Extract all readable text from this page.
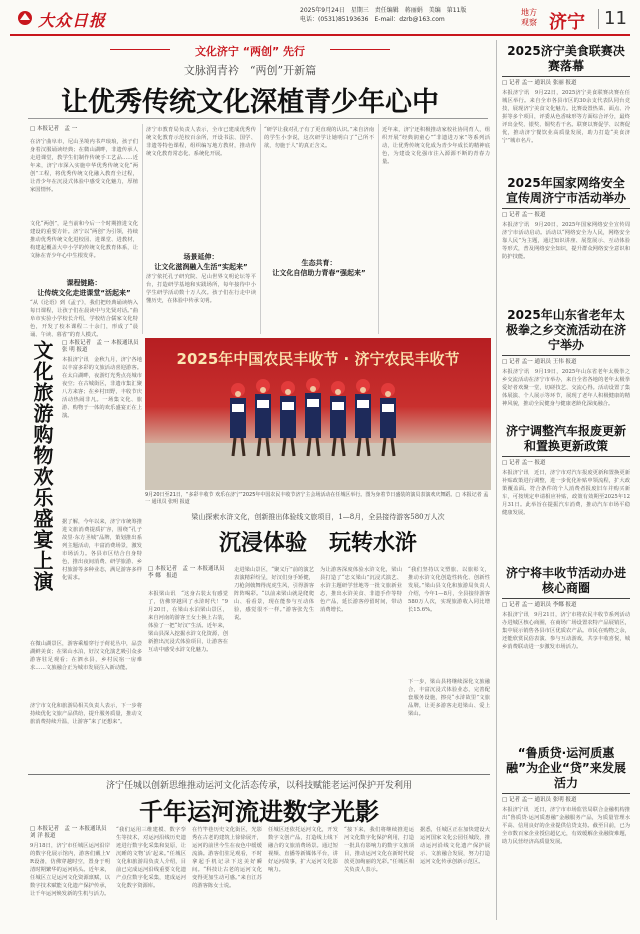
大众日报
2025年9月24日　星期三　责任编辑　蒋丽娟　美编　第11版
电话：(0531)85193636　E-mail：dzrb@163.com
地方
观察 济宁 11
文化济宁 “两创” 先行
文脉润青衿　“两创”开新篇
让优秀传统文化深植青少年心中
□ 本报记者　孟 一
在济宁曲阜市，尼山圣境内书声琅琅，孩子们身着汉服诵读经典；在微山湖畔，非遗传承人走进课堂，教学生们制作传统手工艺品……近年来，济宁市深入实施中华优秀传统文化“两创”工程，将优秀传统文化融入教育全过程，让青少年在沉浸式体验中感受文化魅力，厚植家国情怀。
文化“两创”，是当前和今后一个时期推进文化建设的重要方针。济宁以“两创”为引领，持续推动优秀传统文化进校园、进课堂、进教材，构建起覆盖大中小学的传统文化教育体系，让文脉在青少年心中生根发芽。
课程链路：
让传统文化走进课堂“活起来”
“从《论语》到《孟子》，我们把经典诵读纳入每日课程，让孩子们在晨读中与先贤对话。”曲阜市实验小学校长介绍，学校结合儒家文化特色，开发了校本课程二十余门，形成了“晨诵、午读、暮省”的育人模式。
济宁市教育局负责人表示，全市已建成优秀传统文化教育示范校百余所，开设书法、国学、非遗等特色课程，组织编写地方教材，推动传统文化教育常态化、系统化开展。
场景延伸：
让文化滋润融入生活“实起来”
济宁依托孔子研究院、尼山世界文明论坛等平台，打造研学基地和实践场所，每年接待中小学生研学活动数十万人次。孩子们在行走中读懂历史，在体验中传承文明。
“研学让我对孔子有了更直观的认识。”来自济南的学生小李说，这次研学让她明白了“己所不欲，勿施于人”的真正含义。
近年来，济宁还积极推动家校社协同育人，组织开展“经典润童心”“非遗进万家”等系列活动，让优秀传统文化成为青少年成长的精神底色，为建设文化强市注入源源不断的青春力量。
生态共育：
让文化自信助力青春“强起来”
文化旅游购物欢乐盛宴上演	□ 本报记者　孟 一 本报通讯员　张 明 报道
本报济宁讯　金秋九月，济宁各地以丰富多彩的文旅活动喜迎游客。在太白湖畔，夜游灯光秀点亮城市夜空；在古城街区，非遗市集汇聚八方来客；在乡村田野，丰收节庆活动热闹非凡。一场集文化、旅游、购物于一体的欢乐盛宴正在上演。
据了解，今年以来，济宁市统筹推进文旅消费提质扩容，围绕“孔子故里·东方圣城”品牌，策划推出系列主题活动，丰富消费场景，激发市场活力。各县市区结合自身特色，推出夜间消费、研学旅游、乡村旅游等多种业态，满足游客多样化需求。
在微山湖景区，游客乘船穿行于荷花丛中，品尝湖鲜美食；在梁山水泊，好汉文化演艺吸引众多游客驻足观看；在泗水县，乡村民宿一房难求……文旅融合正为城市发展注入新动能。
济宁市文化和旅游局相关负责人表示，下一步将持续优化文旅产品供给，提升服务质量，推动文旅消费持续升温，让游客“来了还想来”。
2025年中国农民丰收节 · 济宁农民丰收节
9月20日至21日，“多彩丰收节 欢乐在济宁”2025年中国农民丰收节济宁主会场活动在任城区举行。图为身着节日盛装的演员表演欢庆舞蹈。□ 本报记者 孟一 通讯员 张明 报道
梁山探索水浒文化，创新推出体验线文旅项目，1—8月，全县接待游客580万人次
沉浸体验　玩转水浒
□ 本报记者　孟 一 本报通讯员　李 娜　报道
本报梁山讯　“这身古装太有感觉了，仿佛穿越回了水浒时代！”9月20日，在梁山水泊梁山景区，来自河南的游客王女士换上古装，体验了一把“好汉”生活。近年来，梁山县深入挖掘水浒文化资源，创新推出沉浸式体验项目，让游客在互动中感受水浒文化魅力。
走进梁山景区，“聚义厅”前的演艺表演精彩纷呈，好汉们身手矫健，刀枪剑戟舞得虎虎生风，引得游客阵阵喝彩。“以前来梁山就是爬爬山、看看景，现在能参与互动体验，感觉很不一样。”游客张先生说。
为让游客深度体验水浒文化，梁山县打造了“忠义梁山”沉浸式演艺、水浒主题研学营地等一批文旅新业态，推出水浒美食、非遗手作等特色产品，延长游客停留时间，带动消费增长。
“我们坚持以文塑旅、以旅彰文，推动水浒文化创造性转化、创新性发展。”梁山县文化和旅游局负责人介绍，今年1—8月，全县接待游客580万人次，实现旅游收入同比增长15.6%。
下一步，梁山县将继续深化文旅融合，丰富沉浸式体验业态，完善配套服务设施，擦亮“水浒故里”文旅品牌，让更多游客走进梁山、爱上梁山。
济宁任城以创新思维推动运河文化活态传承，以科技赋能老运河保护开发利用
千年运河流进数字光影
□ 本报记者　孟 一 本报通讯员　刘 洋 报道
9月18日，济宁市任城区运河沿岸的数字化展示馆内，游客们戴上VR设备，仿佛穿越时空，置身于明清时期繁华的运河码头。近年来，任城区立足运河文化资源禀赋，以数字技术赋能文化遗产保护传承，让千年运河焕发新的生机与活力。
“我们运用三维建模、数字孪生等技术，对运河沿线历史遗迹进行数字化采集和复原，让沉睡的文物‘活’起来。”任城区文化和旅游局负责人介绍，目前已完成运河沿线重要文化遗产点位数字化采集，建成运河文化数字资源库。
在竹竿巷历史文化街区，光影秀在古老的建筑上徐徐展开，运河的前世今生在夜色中缓缓流淌。游客们驻足观看，不时拿起手机记录下这美好瞬间。“科技让古老的运河文化变得更加生动可感。”来自江苏的游客陈女士说。
任城区还依托运河文化，开发数字文创产品，打造线上线下融合的文旅消费场景。通过短视频、直播等新媒体平台，讲好运河故事，扩大运河文化影响力。
“接下来，我们将继续推进运河文化数字化保护利用，打造一批具有影响力的数字文旅项目，推动运河文化在新时代绽放更加绚丽的光彩。”任城区相关负责人表示。
据悉，任城区正在加快建设大运河国家文化公园任城段，推动运河沿线文化遗产保护展示、文旅融合发展，努力打造运河文化传承创新示范区。
2025济宁美食联赛决赛落幕
□ 记者 孟一 通讯员 张丽 报道
本报济宁讯　9月22日，2025济宁美食联赛决赛在任城区举行。来自全市各县市区的30余支代表队同台竞技，展现济宁美食文化魅力。比赛设置热菜、面点、冷拼等多个项目，评委从色香味形等方面综合评分，最终评出金奖、银奖、铜奖若干名。联赛以赛促学、以赛促优，推动济宁餐饮业高质量发展，助力打造“美食济宁”城市名片。
2025年国家网络安全宣传周济宁市活动举办
□ 记者 孟一 报道
本报济宁讯　9月20日，2025年国家网络安全宣传周济宁市活动启动。活动以“网络安全为人民，网络安全靠人民”为主题，通过知识讲座、展览展示、互动体验等形式，普及网络安全知识，提升群众网络安全意识和防护技能。
2025年山东省老年太极拳之乡交流活动在济宁举办
□ 记者 孟一 通讯员 王伟 报道
本报济宁讯　9月19日，2025年山东省老年太极拳之乡交流活动在济宁市举办，来自全省各地的老年太极拳爱好者欢聚一堂，切磋技艺、交流心得。活动设置了集体展演、个人展示等环节，展现了老年人积极健康的精神风貌，推动全民健身与健康老龄化深度融合。
济宁调整汽车报废更新和置换更新政策
□ 记者 孟一 报道
本报济宁讯　近日，济宁市对汽车报废更新和置换更新补贴政策进行调整，进一步优化补贴申领流程，扩大政策覆盖面。符合条件的个人消费者报废旧车并购买新车，可按规定申请相应补贴，政策有效期至2025年12月31日。此举旨在提振汽车消费，推动汽车市场平稳健康发展。
济宁将丰收节活动办进核心商圈
□ 记者 孟一 通讯员 李娜 报道
本报济宁讯　9月21日，济宁市将农民丰收节系列活动办进城区核心商圈，在商场广场设置农特产品展销区，集中展示销售各县市区优质农产品。市民在购物之余，还能欣赏民俗表演、参与互动游戏，共享丰收喜悦，城乡消费联动进一步激发市场活力。
“鲁质贷·运河质惠融”为企业“贷”来发展活力
□ 记者 孟一 通讯员 张明 报道
本报济宁讯　近日，济宁市市场监管局联合金融机构推出“鲁质贷·运河质惠融”金融服务产品，为质量管理水平高、信用良好的企业提供信贷支持。截至目前，已为全市数百家企业授信超亿元，有效缓解企业融资难题，助力民营经济高质量发展。
